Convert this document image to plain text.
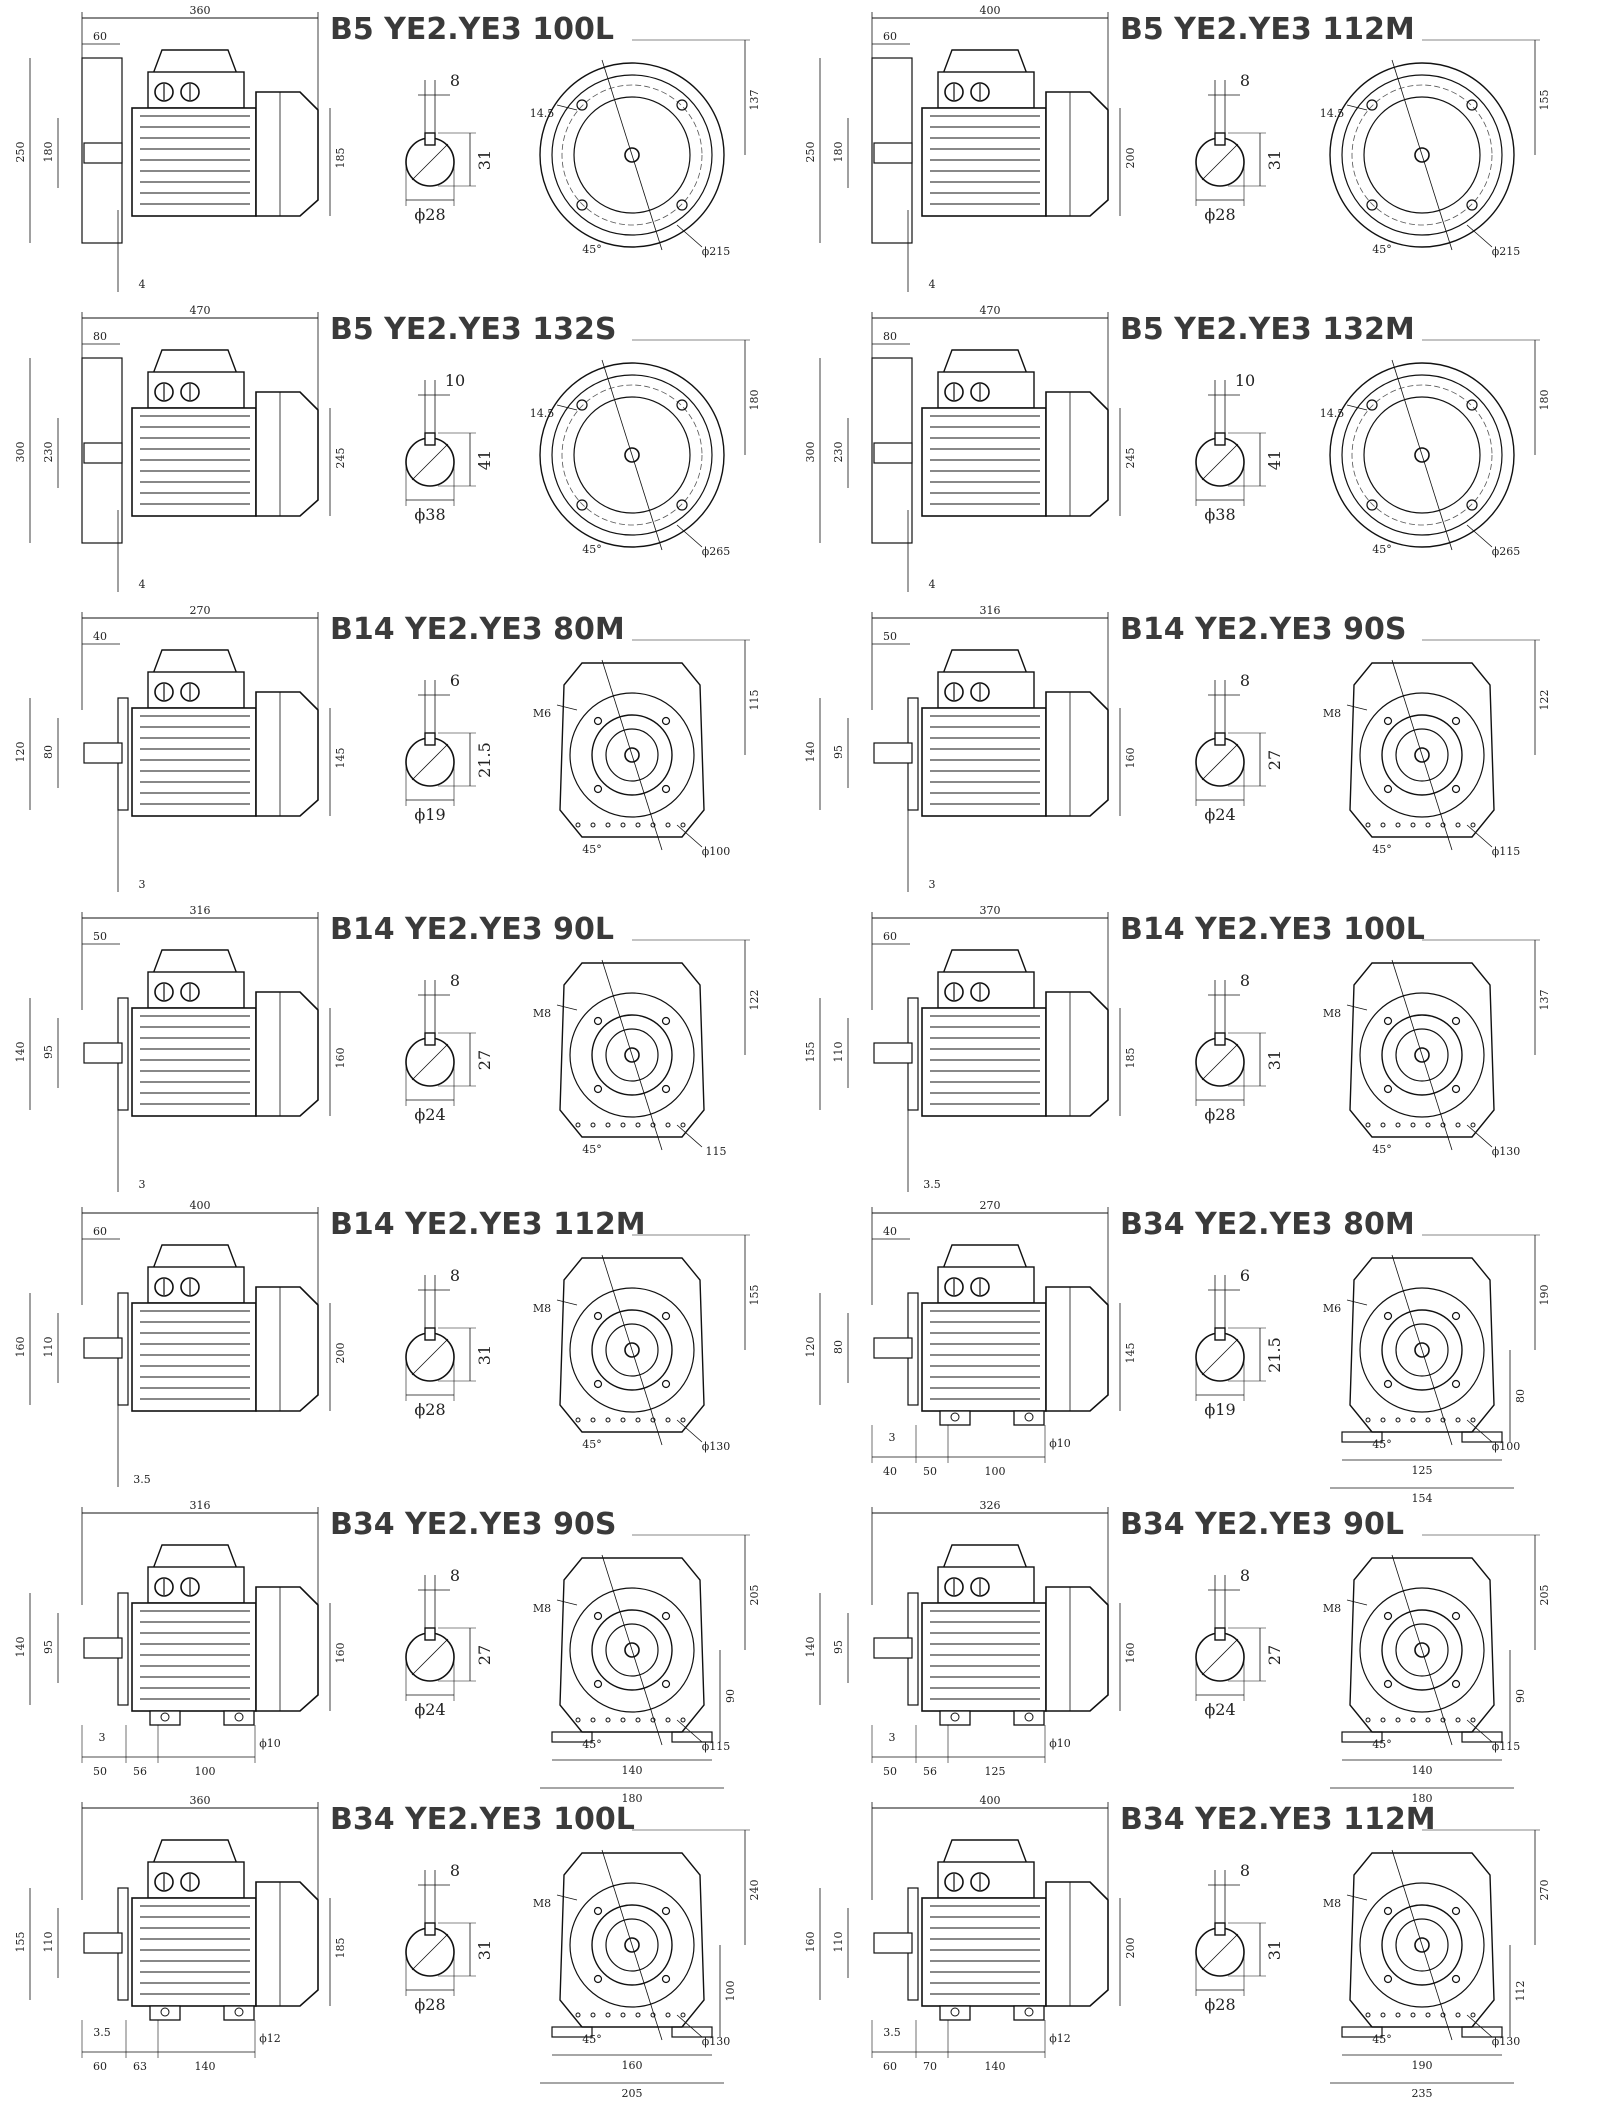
B5 YE2.YE3 100L
360
60
4
250 180	185
8
31
ϕ28
14.5
ϕ215
45°
137
B5 YE2.YE3 112M
400
60
4
250 180	200
8
31
ϕ28
14.5
ϕ215
45°
155
B5 YE2.YE3 132S
470
80
4
300 230	245
10
41
ϕ38
14.5
ϕ265
45°
180
B5 YE2.YE3 132M
470
80
4
300 230	245
10
41
ϕ38
14.5
ϕ265
45°
180
B14 YE2.YE3 80M
270
40
3
120 80	145
6
21.5
ϕ19
M6
ϕ100
45°
115
B14 YE2.YE3 90S
316
50
3
140 95	160
8
27
ϕ24
M8
ϕ115
45°
122
B14 YE2.YE3 90L
316
50
3
140 95	160
8
27
ϕ24
M8
115
45°
122
B14 YE2.YE3 100L
370
60
3.5
155 110	185
8
31
ϕ28
M8
ϕ130
45°
137
B14 YE2.YE3 112M
400
60
3.5
160 110	200
8
31
ϕ28
M8
ϕ130
45°
155
B34 YE2.YE3 80M
270
40
40 50	100
ϕ10
3
120 80	145
6
21.5
ϕ19
M6
ϕ100
45°
190
80
125
154
B34 YE2.YE3 90S
316
50 56	100
ϕ10
3
140 95	160
8
27
ϕ24
M8
ϕ115
45°
205
90
140
180
B34 YE2.YE3 90L
326
50 56	125
ϕ10
3
140 95	160
8
27
ϕ24
M8
ϕ115
45°
205
90
140
180
B34 YE2.YE3 100L
360
60 63	140
ϕ12
3.5
155 110	185
8
31
ϕ28
M8
ϕ130
45°
240
100
160
205
B34 YE2.YE3 112M
400
60 70	140
ϕ12
3.5
160 110	200
8
31
ϕ28
M8
ϕ130
45°
270
112
190
235
